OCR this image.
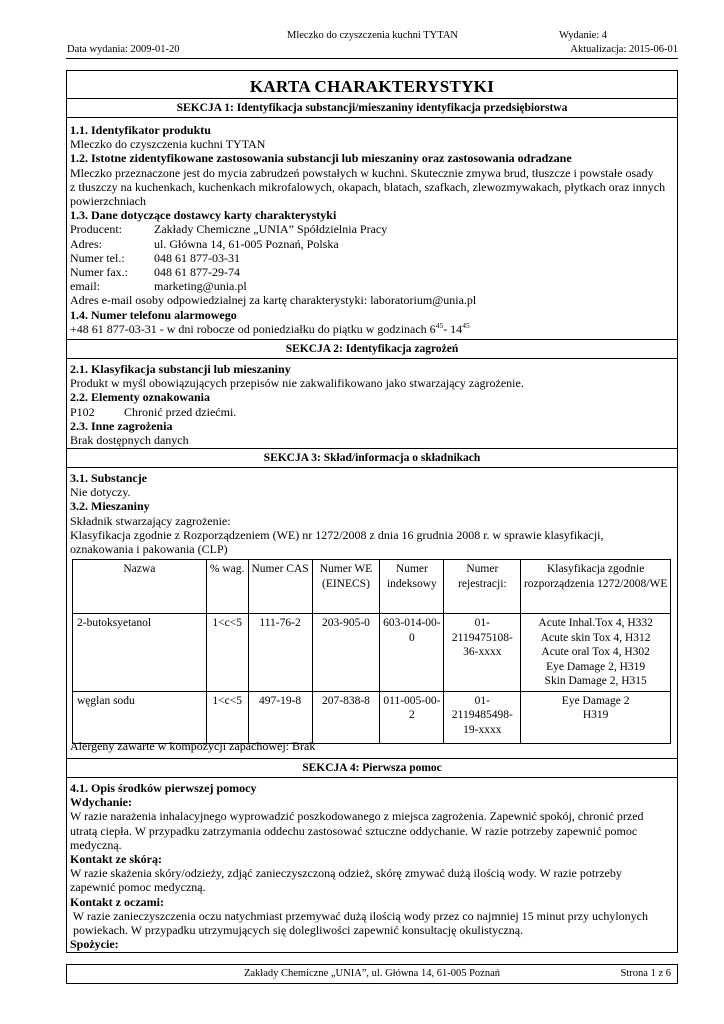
Mleczko do czyszczenia kuchni TYTAN	Wydanie: 4
Data wydania: 2009-01-20	Aktualizacja: 2015-06-01
KARTA CHARAKTERYSTYKI
SEKCJA 1: Identyfikacja substancji/mieszaniny identyfikacja przedsiębiorstwa
1.1. Identyfikator produktu
Mleczko do czyszczenia kuchni TYTAN
1.2. Istotne zidentyfikowane zastosowania substancji lub mieszaniny oraz zastosowania odradzane
Mleczko przeznaczone jest do mycia zabrudzeń powstałych w kuchni. Skutecznie zmywa brud, tłuszcze i powstałe osady
z tłuszczy na kuchenkach, kuchenkach mikrofalowych, okapach, blatach, szafkach, zlewozmywakach, płytkach oraz innych
powierzchniach
1.3. Dane dotyczące dostawcy karty charakterystyki
Producent:	Zakłady Chemiczne „UNIA” Spółdzielnia Pracy
Adres:	ul. Główna 14, 61-005 Poznań, Polska
Numer tel.: 048 61 877-03-31
Numer fax.: 048 61 877-29-74
email:	marketing@unia.pl
Adres e-mail osoby odpowiedzialnej za kartę charakterystyki: laboratorium@unia.pl
1.4. Numer telefonu alarmowego
+48 61 877-03-31 - w dni robocze od poniedziałku do piątku w godzinach $6^{45}-$ $14^{45}$
SEKCJA 2: Identyfikacja zagrożeń
2.1. Klasyfikacja substancji lub mieszaniny
Produkt w myśl obowiązujących przepisów nie zakwalifikowano jako stwarzający zagrożenie.
2.2. Elementy oznakowania
P102 Chronić przed dziećmi.
2.3. Inne zagrożenia
Brak dostępnych danych
SEKCJA 3: Skład/informacja o składnikach
3.1. Substancje
Nie dotyczy.
3.2. Mieszaniny
Składnik stwarzający zagrożenie:
Klasyfikacja zgodnie z Rozporządzeniem (WE) nr 1272/2008 z dnia 16 grudnia 2008 r. w sprawie klasyfikacji,
oznakowania i pakowania (CLP)
Nazwa	% wag.	Numer CAS	Numer WE (EINECS)	Numer indeksowy	Numer rejestracji:	Klasyfikacja zgodnie rozporządzenia 1272/2008/WE
2-butoksyetanol	1<c<5	111-76-2	203-905-0	603-014-00-0	01-2119475108-36-xxxx	Acute Inhal.Tox 4, H332
Acute skin Tox 4, H312
Acute oral Tox 4, H302
Eye Damage 2, H319
Skin Damage 2, H315

węglan sodu	1<c<5	497-19-8	207-838-8	011-005-00-2	01-2119485498-19-xxxx	Eye Damage 2
H319
Alergeny zawarte w kompozycji zapachowej: Brak
SEKCJA 4: Pierwsza pomoc
4.1. Opis środków pierwszej pomocy
Wdychanie:
W razie narażenia inhalacyjnego wyprowadzić poszkodowanego z miejsca zagrożenia. Zapewnić spokój, chronić przed
utratą ciepła. W przypadku zatrzymania oddechu zastosować sztuczne oddychanie. W razie potrzeby zapewnić pomoc
medyczną.
Kontakt ze skórą:
W razie skażenia skóry/odzieży, zdjąć zanieczyszczoną odzież, skórę zmywać dużą ilością wody. W razie potrzeby
zapewnić pomoc medyczną.
Kontakt z oczami:
W razie zanieczyszczenia oczu natychmiast przemywać dużą ilością wody przez co najmniej 15 minut przy uchylonych
powiekach. W przypadku utrzymujących się dolegliwości zapewnić konsultację okulistyczną.
Spożycie:
Zakłady Chemiczne „UNIA”, ul. Główna 14, 61-005 Poznań	Strona 1 z 6
